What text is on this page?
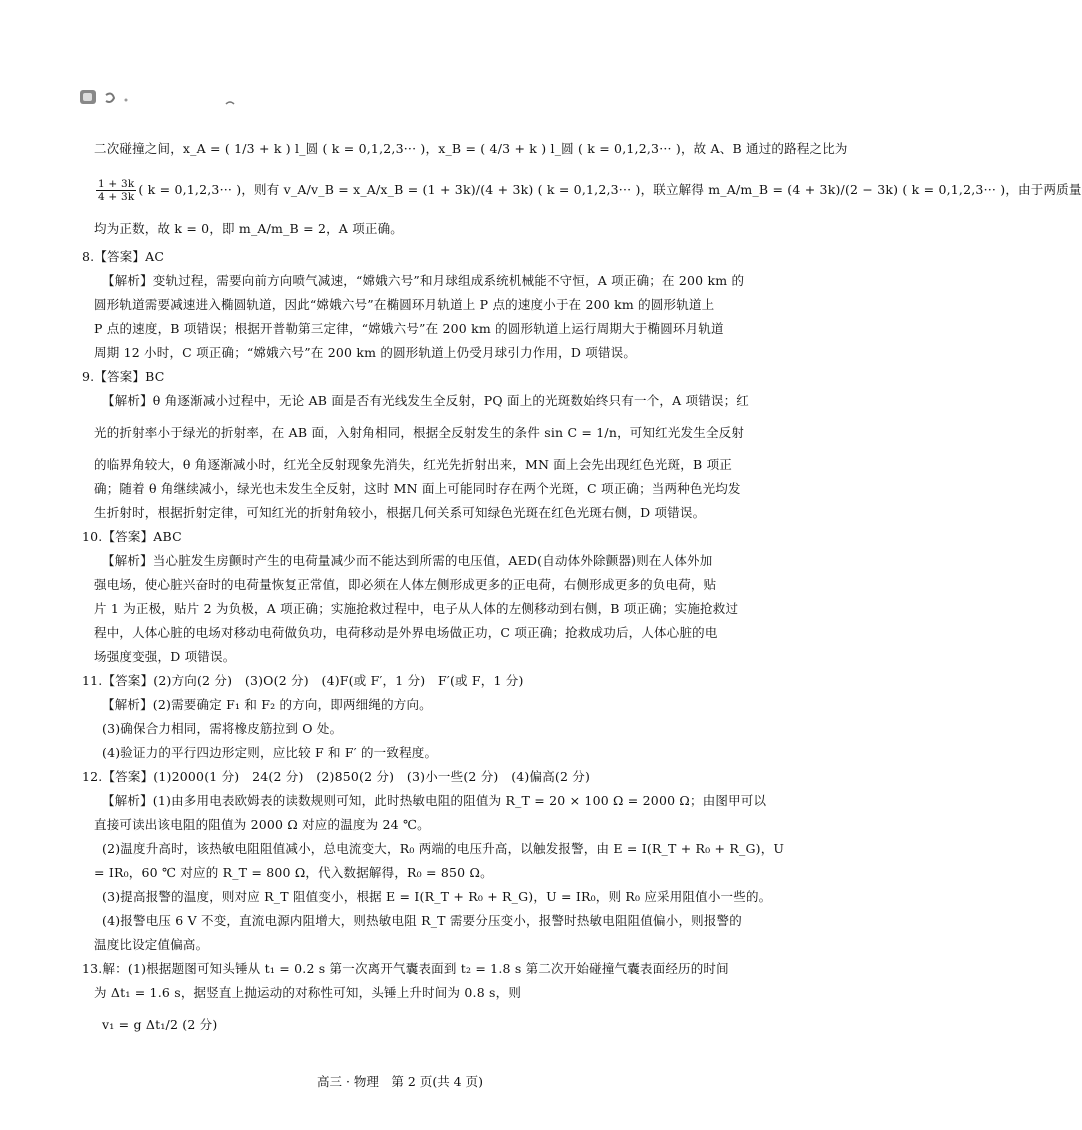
二次碰撞之间，x_A = ( 1/3 + k ) l_圆 ( k = 0,1,2,3··· )，x_B = ( 4/3 + k ) l_圆 ( k = 0,1,2,3··· )，故 A、B 通过的路程之比为
$\frac{1 + 3k}{4 + 3k}$ ( k = 0,1,2,3··· )，则有 v_A/v_B = x_A/x_B = (1 + 3k)/(4 + 3k) ( k = 0,1,2,3··· )，联立解得 m_A/m_B = (4 + 3k)/(2 − 3k) ( k = 0,1,2,3··· )，由于两质量
均为正数，故 k = 0，即 m_A/m_B = 2，A 项正确。
8.【答案】AC
【解析】变轨过程，需要向前方向喷气减速，“嫦娥六号”和月球组成系统机械能不守恒，A 项正确；在 200 km 的
圆形轨道需要减速进入椭圆轨道，因此“嫦娥六号”在椭圆环月轨道上 P 点的速度小于在 200 km 的圆形轨道上
P 点的速度，B 项错误；根据开普勒第三定律，“嫦娥六号”在 200 km 的圆形轨道上运行周期大于椭圆环月轨道
周期 12 小时，C 项正确；“嫦娥六号”在 200 km 的圆形轨道上仍受月球引力作用，D 项错误。
9.【答案】BC
【解析】θ 角逐渐减小过程中，无论 AB 面是否有光线发生全反射，PQ 面上的光斑数始终只有一个，A 项错误；红
光的折射率小于绿光的折射率，在 AB 面，入射角相同，根据全反射发生的条件 sin C = 1/n，可知红光发生全反射
的临界角较大，θ 角逐渐减小时，红光全反射现象先消失，红光先折射出来，MN 面上会先出现红色光斑，B 项正
确；随着 θ 角继续减小，绿光也未发生全反射，这时 MN 面上可能同时存在两个光斑，C 项正确；当两种色光均发
生折射时，根据折射定律，可知红光的折射角较小，根据几何关系可知绿色光斑在红色光斑右侧，D 项错误。
10.【答案】ABC
【解析】当心脏发生房颤时产生的电荷量减少而不能达到所需的电压值，AED(自动体外除颤器)则在人体外加
强电场，使心脏兴奋时的电荷量恢复正常值，即必须在人体左侧形成更多的正电荷，右侧形成更多的负电荷，贴
片 1 为正极，贴片 2 为负极，A 项正确；实施抢救过程中，电子从人体的左侧移动到右侧，B 项正确；实施抢救过
程中，人体心脏的电场对移动电荷做负功，电荷移动是外界电场做正功，C 项正确；抢救成功后，人体心脏的电
场强度变强，D 项错误。
11.【答案】(2)方向(2 分)　(3)O(2 分)　(4)F(或 F′，1 分)　F′(或 F，1 分)
【解析】(2)需要确定 F₁ 和 F₂ 的方向，即两细绳的方向。
(3)确保合力相同，需将橡皮筋拉到 O 处。
(4)验证力的平行四边形定则，应比较 F 和 F′ 的一致程度。
12.【答案】(1)2000(1 分)　24(2 分)　(2)850(2 分)　(3)小一些(2 分)　(4)偏高(2 分)
【解析】(1)由多用电表欧姆表的读数规则可知，此时热敏电阻的阻值为 R_T = 20 × 100 Ω = 2000 Ω；由图甲可以
直接可读出该电阻的阻值为 2000 Ω 对应的温度为 24 ℃。
(2)温度升高时，该热敏电阻阻值减小，总电流变大，R₀ 两端的电压升高，以触发报警，由 E = I(R_T + R₀ + R_G)，U
= IR₀，60 ℃ 对应的 R_T = 800 Ω，代入数据解得，R₀ = 850 Ω。
(3)提高报警的温度，则对应 R_T 阻值变小，根据 E = I(R_T + R₀ + R_G)，U = IR₀，则 R₀ 应采用阻值小一些的。
(4)报警电压 6 V 不变，直流电源内阻增大，则热敏电阻 R_T 需要分压变小，报警时热敏电阻阻值偏小，则报警的
温度比设定值偏高。
13.解：(1)根据题图可知头锤从 t₁ = 0.2 s 第一次离开气囊表面到 t₂ = 1.8 s 第二次开始碰撞气囊表面经历的时间
为 Δt₁ = 1.6 s，据竖直上抛运动的对称性可知，头锤上升时间为 0.8 s，则
v₁ = g Δt₁/2 (2 分)
高三 · 物理　第 2 页(共 4 页)
